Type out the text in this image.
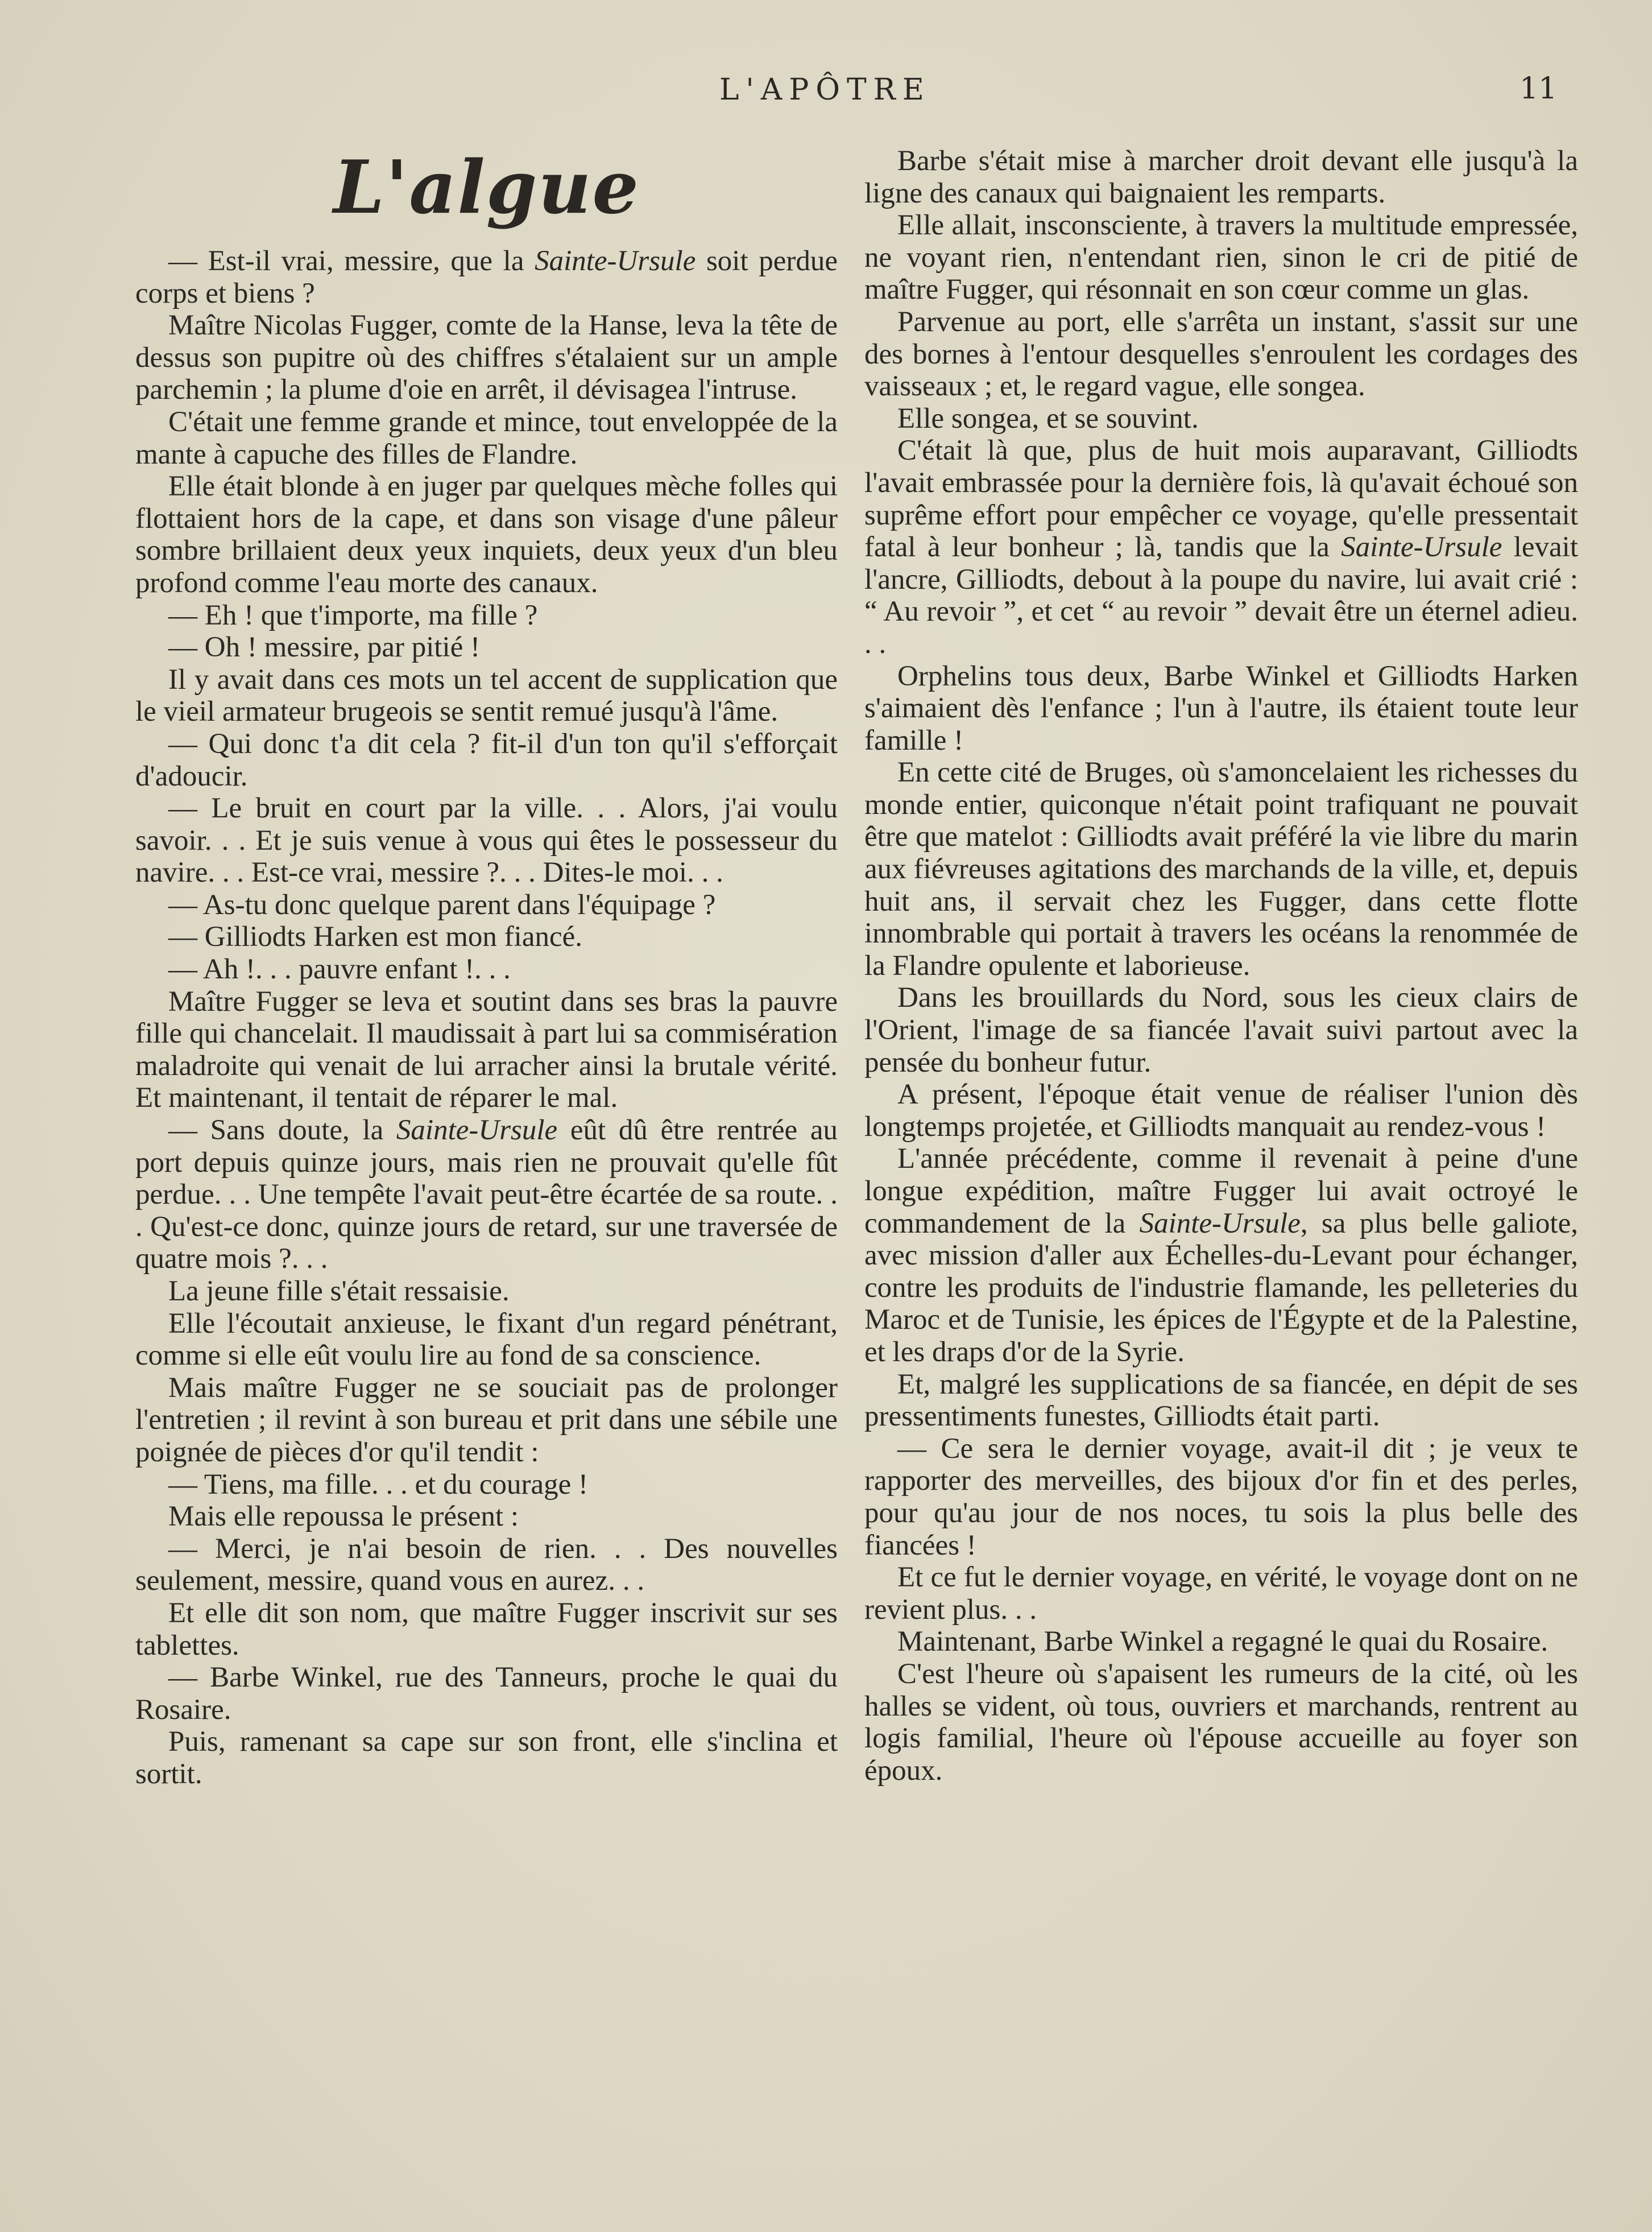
L'APÔTRE	11
L'algue

— Est-il vrai, messire, que la Sainte-Ursule soit perdue corps et biens ?

Maître Nicolas Fugger, comte de la Hanse, leva la tête de dessus son pupitre où des chiffres s'étalaient sur un ample parchemin ; la plume d'oie en arrêt, il dévisagea l'intruse.

C'était une femme grande et mince, tout enveloppée de la mante à capuche des filles de Flandre.

Elle était blonde à en juger par quelques mèche folles qui flottaient hors de la cape, et dans son visage d'une pâleur sombre brillaient deux yeux inquiets, deux yeux d'un bleu profond comme l'eau morte des canaux.

— Eh ! que t'importe, ma fille ?

— Oh ! messire, par pitié !

Il y avait dans ces mots un tel accent de supplication que le vieil armateur brugeois se sentit remué jusqu'à l'âme.

— Qui donc t'a dit cela ? fit-il d'un ton qu'il s'efforçait d'adoucir.

— Le bruit en court par la ville. . . Alors, j'ai voulu savoir. . . Et je suis venue à vous qui êtes le possesseur du navire. . . Est-ce vrai, messire ?. . . Dites-le moi. . .

— As-tu donc quelque parent dans l'équipage ?

— Gilliodts Harken est mon fiancé.

— Ah !. . . pauvre enfant !. . .

Maître Fugger se leva et soutint dans ses bras la pauvre fille qui chancelait. Il maudissait à part lui sa commisération maladroite qui venait de lui arracher ainsi la brutale vérité. Et maintenant, il tentait de réparer le mal.

— Sans doute, la Sainte-Ursule eût dû être rentrée au port depuis quinze jours, mais rien ne prouvait qu'elle fût perdue. . . Une tempête l'avait peut-être écartée de sa route. . . Qu'est-ce donc, quinze jours de retard, sur une traversée de quatre mois ?. . .

La jeune fille s'était ressaisie.

Elle l'écoutait anxieuse, le fixant d'un regard pénétrant, comme si elle eût voulu lire au fond de sa conscience.

Mais maître Fugger ne se souciait pas de prolonger l'entretien ; il revint à son bureau et prit dans une sébile une poignée de pièces d'or qu'il tendit :

— Tiens, ma fille. . . et du courage !

Mais elle repoussa le présent :

— Merci, je n'ai besoin de rien. . . Des nouvelles seulement, messire, quand vous en aurez. . .

Et elle dit son nom, que maître Fugger inscrivit sur ses tablettes.

— Barbe Winkel, rue des Tanneurs, proche le quai du Rosaire.

Puis, ramenant sa cape sur son front, elle s'inclina et sortit.

Barbe s'était mise à marcher droit devant elle jusqu'à la ligne des canaux qui baignaient les remparts.

Elle allait, insconsciente, à travers la multitude empressée, ne voyant rien, n'entendant rien, sinon le cri de pitié de maître Fugger, qui résonnait en son cœur comme un glas.

Parvenue au port, elle s'arrêta un instant, s'assit sur une des bornes à l'entour desquelles s'enroulent les cordages des vaisseaux ; et, le regard vague, elle songea.

Elle songea, et se souvint.

C'était là que, plus de huit mois auparavant, Gilliodts l'avait embrassée pour la dernière fois, là qu'avait échoué son suprême effort pour empêcher ce voyage, qu'elle pressentait fatal à leur bonheur ; là, tandis que la Sainte-Ursule levait l'ancre, Gilliodts, debout à la poupe du navire, lui avait crié : “ Au revoir ”, et cet “ au revoir ” devait être un éternel adieu. . .

Orphelins tous deux, Barbe Winkel et Gilliodts Harken s'aimaient dès l'enfance ; l'un à l'autre, ils étaient toute leur famille !

En cette cité de Bruges, où s'amoncelaient les richesses du monde entier, quiconque n'était point trafiquant ne pouvait être que matelot : Gilliodts avait préféré la vie libre du marin aux fiévreuses agitations des marchands de la ville, et, depuis huit ans, il servait chez les Fugger, dans cette flotte innombrable qui portait à travers les océans la renommée de la Flandre opulente et laborieuse.

Dans les brouillards du Nord, sous les cieux clairs de l'Orient, l'image de sa fiancée l'avait suivi partout avec la pensée du bonheur futur.

A présent, l'époque était venue de réaliser l'union dès longtemps projetée, et Gilliodts manquait au rendez-vous !

L'année précédente, comme il revenait à peine d'une longue expédition, maître Fugger lui avait octroyé le commandement de la Sainte-Ursule, sa plus belle galiote, avec mission d'aller aux Échelles-du-Levant pour échanger, contre les produits de l'industrie flamande, les pelleteries du Maroc et de Tunisie, les épices de l'Égypte et de la Palestine, et les draps d'or de la Syrie.

Et, malgré les supplications de sa fiancée, en dépit de ses pressentiments funestes, Gilliodts était parti.

— Ce sera le dernier voyage, avait-il dit ; je veux te rapporter des merveilles, des bijoux d'or fin et des perles, pour qu'au jour de nos noces, tu sois la plus belle des fiancées !

Et ce fut le dernier voyage, en vérité, le voyage dont on ne revient plus. . .

Maintenant, Barbe Winkel a regagné le quai du Rosaire.

C'est l'heure où s'apaisent les rumeurs de la cité, où les halles se vident, où tous, ouvriers et marchands, rentrent au logis familial, l'heure où l'épouse accueille au foyer son époux.
